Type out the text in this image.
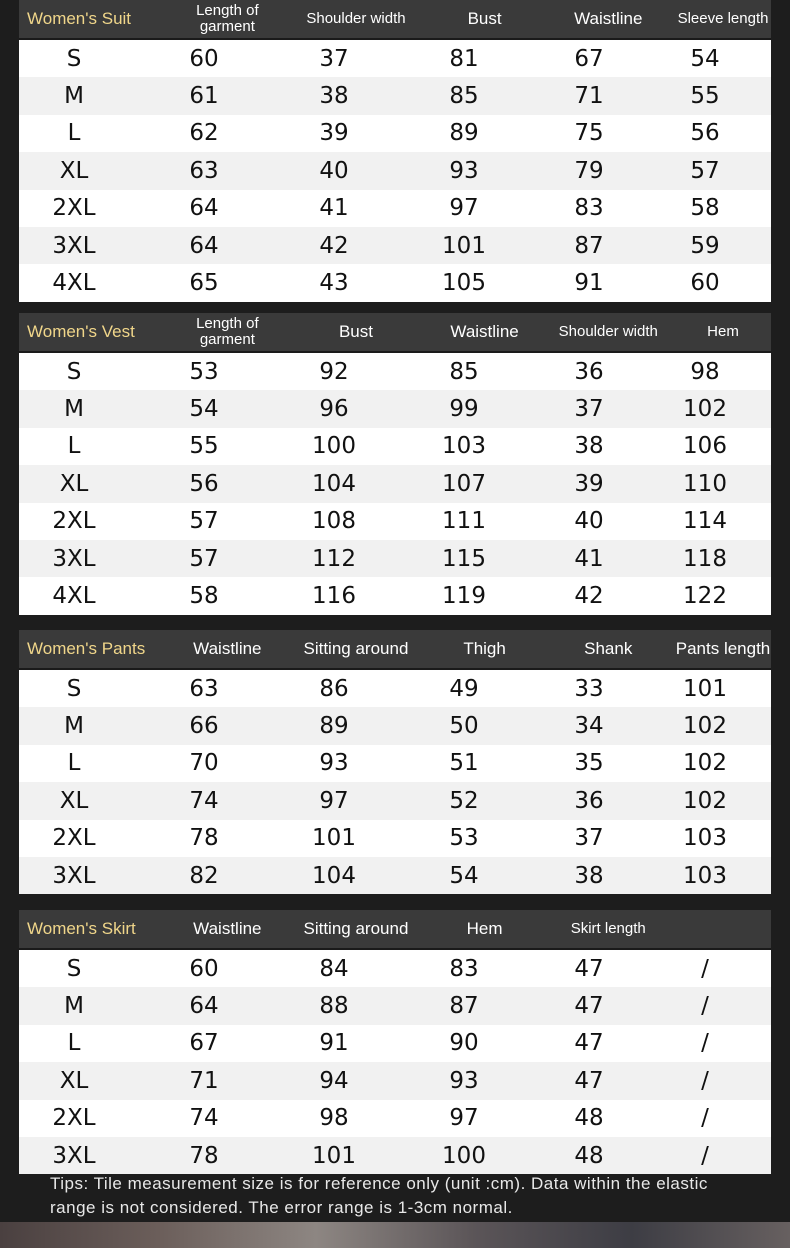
Women's Suit	Length of garment	Shoulder width	Bust	Waistline	Sleeve length
S	60	37	81	67	54
M	61	38	85	71	55
L	62	39	89	75	56
XL	63	40	93	79	57
2XL	64	41	97	83	58
3XL	64	42	101	87	59
4XL	65	43	105	91	60
Women's Vest	Length of garment	Bust	Waistline	Shoulder width	Hem
S	53	92	85	36	98
M	54	96	99	37	102
L	55	100	103	38	106
XL	56	104	107	39	110
2XL	57	108	111	40	114
3XL	57	112	115	41	118
4XL	58	116	119	42	122
Women's Pants	Waistline	Sitting around	Thigh	Shank	Pants length
S	63	86	49	33	101
M	66	89	50	34	102
L	70	93	51	35	102
XL	74	97	52	36	102
2XL	78	101	53	37	103
3XL	82	104	54	38	103
Women's Skirt	Waistline	Sitting around	Hem	Skirt length
S	60	84	83	47	/
M	64	88	87	47	/
L	67	91	90	47	/
XL	71	94	93	47	/
2XL	74	98	97	48	/
3XL	78	101	100	48	/
Tips: Tile measurement size is for reference only (unit :cm). Data within the elastic range is not considered. The error range is 1-3cm normal.
